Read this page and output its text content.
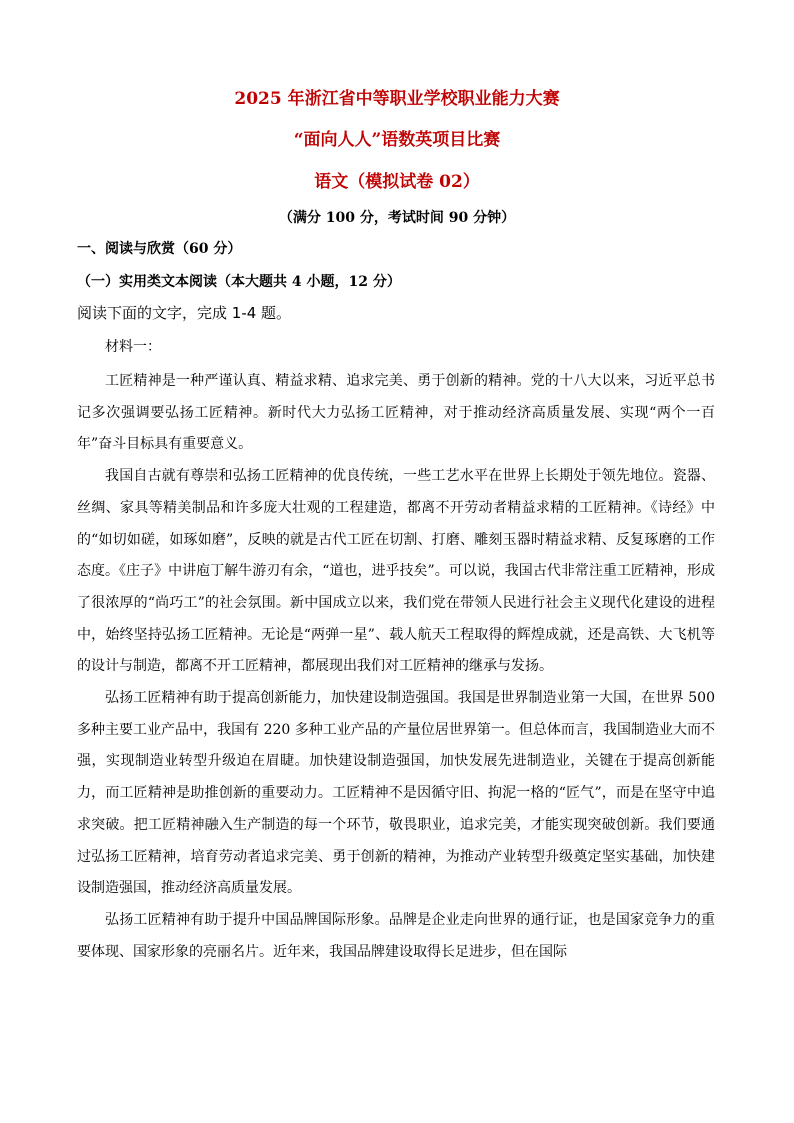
2025 年浙江省中等职业学校职业能力大赛
“面向人人”语数英项目比赛
语文（模拟试卷 02）
（满分 100 分，考试时间 90 分钟）
一、阅读与欣赏（60 分）
（一）实用类文本阅读（本大题共 4 小题，12 分）
阅读下面的文字，完成 1-4 题。
材料一：

工匠精神是一种严谨认真、精益求精、追求完美、勇于创新的精神。党的十八大以来，习近平总书记多次强调要弘扬工匠精神。新时代大力弘扬工匠精神，对于推动经济高质量发展、实现“两个一百年”奋斗目标具有重要意义。

我国自古就有尊崇和弘扬工匠精神的优良传统，一些工艺水平在世界上长期处于领先地位。瓷器、丝绸、家具等精美制品和许多庞大壮观的工程建造，都离不开劳动者精益求精的工匠精神。《诗经》中的“如切如磋，如琢如磨”，反映的就是古代工匠在切割、打磨、雕刻玉器时精益求精、反复琢磨的工作态度。《庄子》中讲庖丁解牛游刃有余，“道也，进乎技矣”。可以说，我国古代非常注重工匠精神，形成了很浓厚的“尚巧工”的社会氛围。新中国成立以来，我们党在带领人民进行社会主义现代化建设的进程中，始终坚持弘扬工匠精神。无论是“两弹一星”、载人航天工程取得的辉煌成就，还是高铁、大飞机等的设计与制造，都离不开工匠精神，都展现出我们对工匠精神的继承与发扬。

弘扬工匠精神有助于提高创新能力，加快建设制造强国。我国是世界制造业第一大国，在世界 500 多种主要工业产品中，我国有 220 多种工业产品的产量位居世界第一。但总体而言，我国制造业大而不强，实现制造业转型升级迫在眉睫。加快建设制造强国，加快发展先进制造业，关键在于提高创新能力，而工匠精神是助推创新的重要动力。工匠精神不是因循守旧、拘泥一格的“匠气”，而是在坚守中追求突破。把工匠精神融入生产制造的每一个环节，敬畏职业，追求完美，才能实现突破创新。我们要通过弘扬工匠精神，培育劳动者追求完美、勇于创新的精神，为推动产业转型升级奠定坚实基础，加快建设制造强国，推动经济高质量发展。

弘扬工匠精神有助于提升中国品牌国际形象。品牌是企业走向世界的通行证，也是国家竞争力的重要体现、国家形象的亮丽名片。近年来，我国品牌建设取得长足进步，但在国际
